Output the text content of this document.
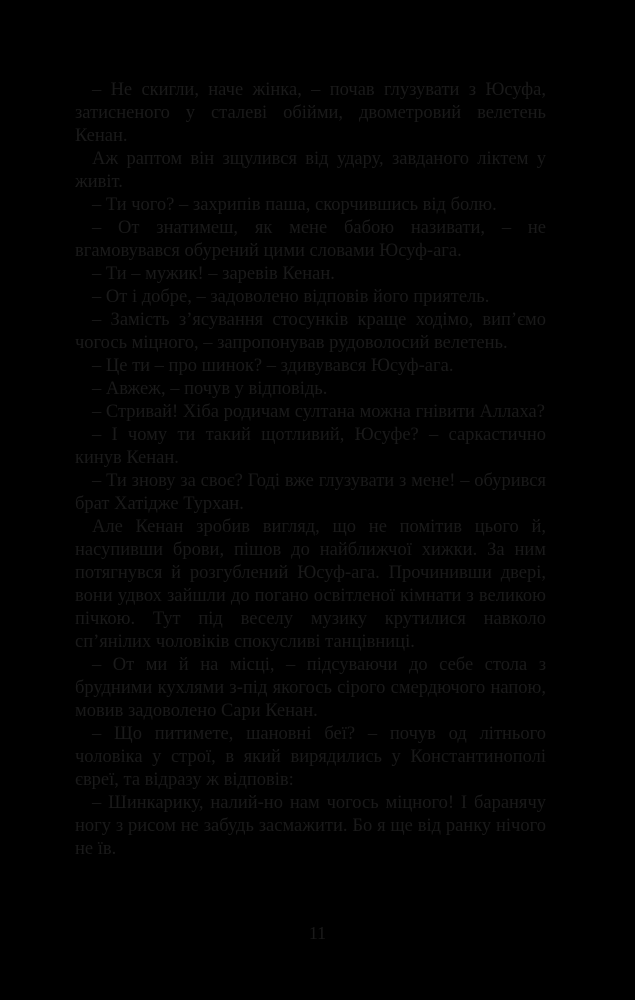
– Не скигли, наче жінка, – почав глузувати з Юсуфа, затисненого у сталеві обійми, двометровий велетень Кенан.

Аж раптом він зщулився від удару, завданого ліктем у живіт.

– Ти чого? – захрипів паша, скорчившись від болю.

– От знатимеш, як мене бабою називати, – не вгамовувався обурений цими словами Юсуф-ага.

– Ти – мужик! – заревів Кенан.

– От і добре, – задоволено відповів його приятель.

– Замість з’ясування стосунків краще ходімо, вип’ємо чогось міцного, – запропонував рудоволосий велетень.

– Це ти – про шинок? – здивувався Юсуф-ага.

– Авжеж, – почув у відповідь.

– Стривай! Хіба родичам султана можна гнівити Аллаха?

– І чому ти такий щотливий, Юсуфе? – саркастично кинув Кенан.

– Ти знову за своє? Годі вже глузувати з мене! – обурився брат Хатідже Турхан.

Але Кенан зробив вигляд, що не помітив цього й, насупивши брови, пішов до найближчої хижки. За ним потягнувся й розгублений Юсуф-ага. Прочинивши двері, вони удвох зайшли до погано освітленої кімнати з великою пічкою. Тут під веселу музику крутилися навколо сп’янілих чоловіків спокусливі танцівниці.

– От ми й на місці, – підсуваючи до себе стола з брудними кухлями з-під якогось сірого смердючого напою, мовив задоволено Сари Кенан.

– Що питимете, шановні беї? – почув од літнього чоловіка у строї, в який вирядились у Константинополі євреї, та відразу ж відповів:

– Шинкарику, налий-но нам чогось міцного! І баранячу ногу з рисом не забудь засмажити. Бо я ще від ранку нічого не їв.

11
